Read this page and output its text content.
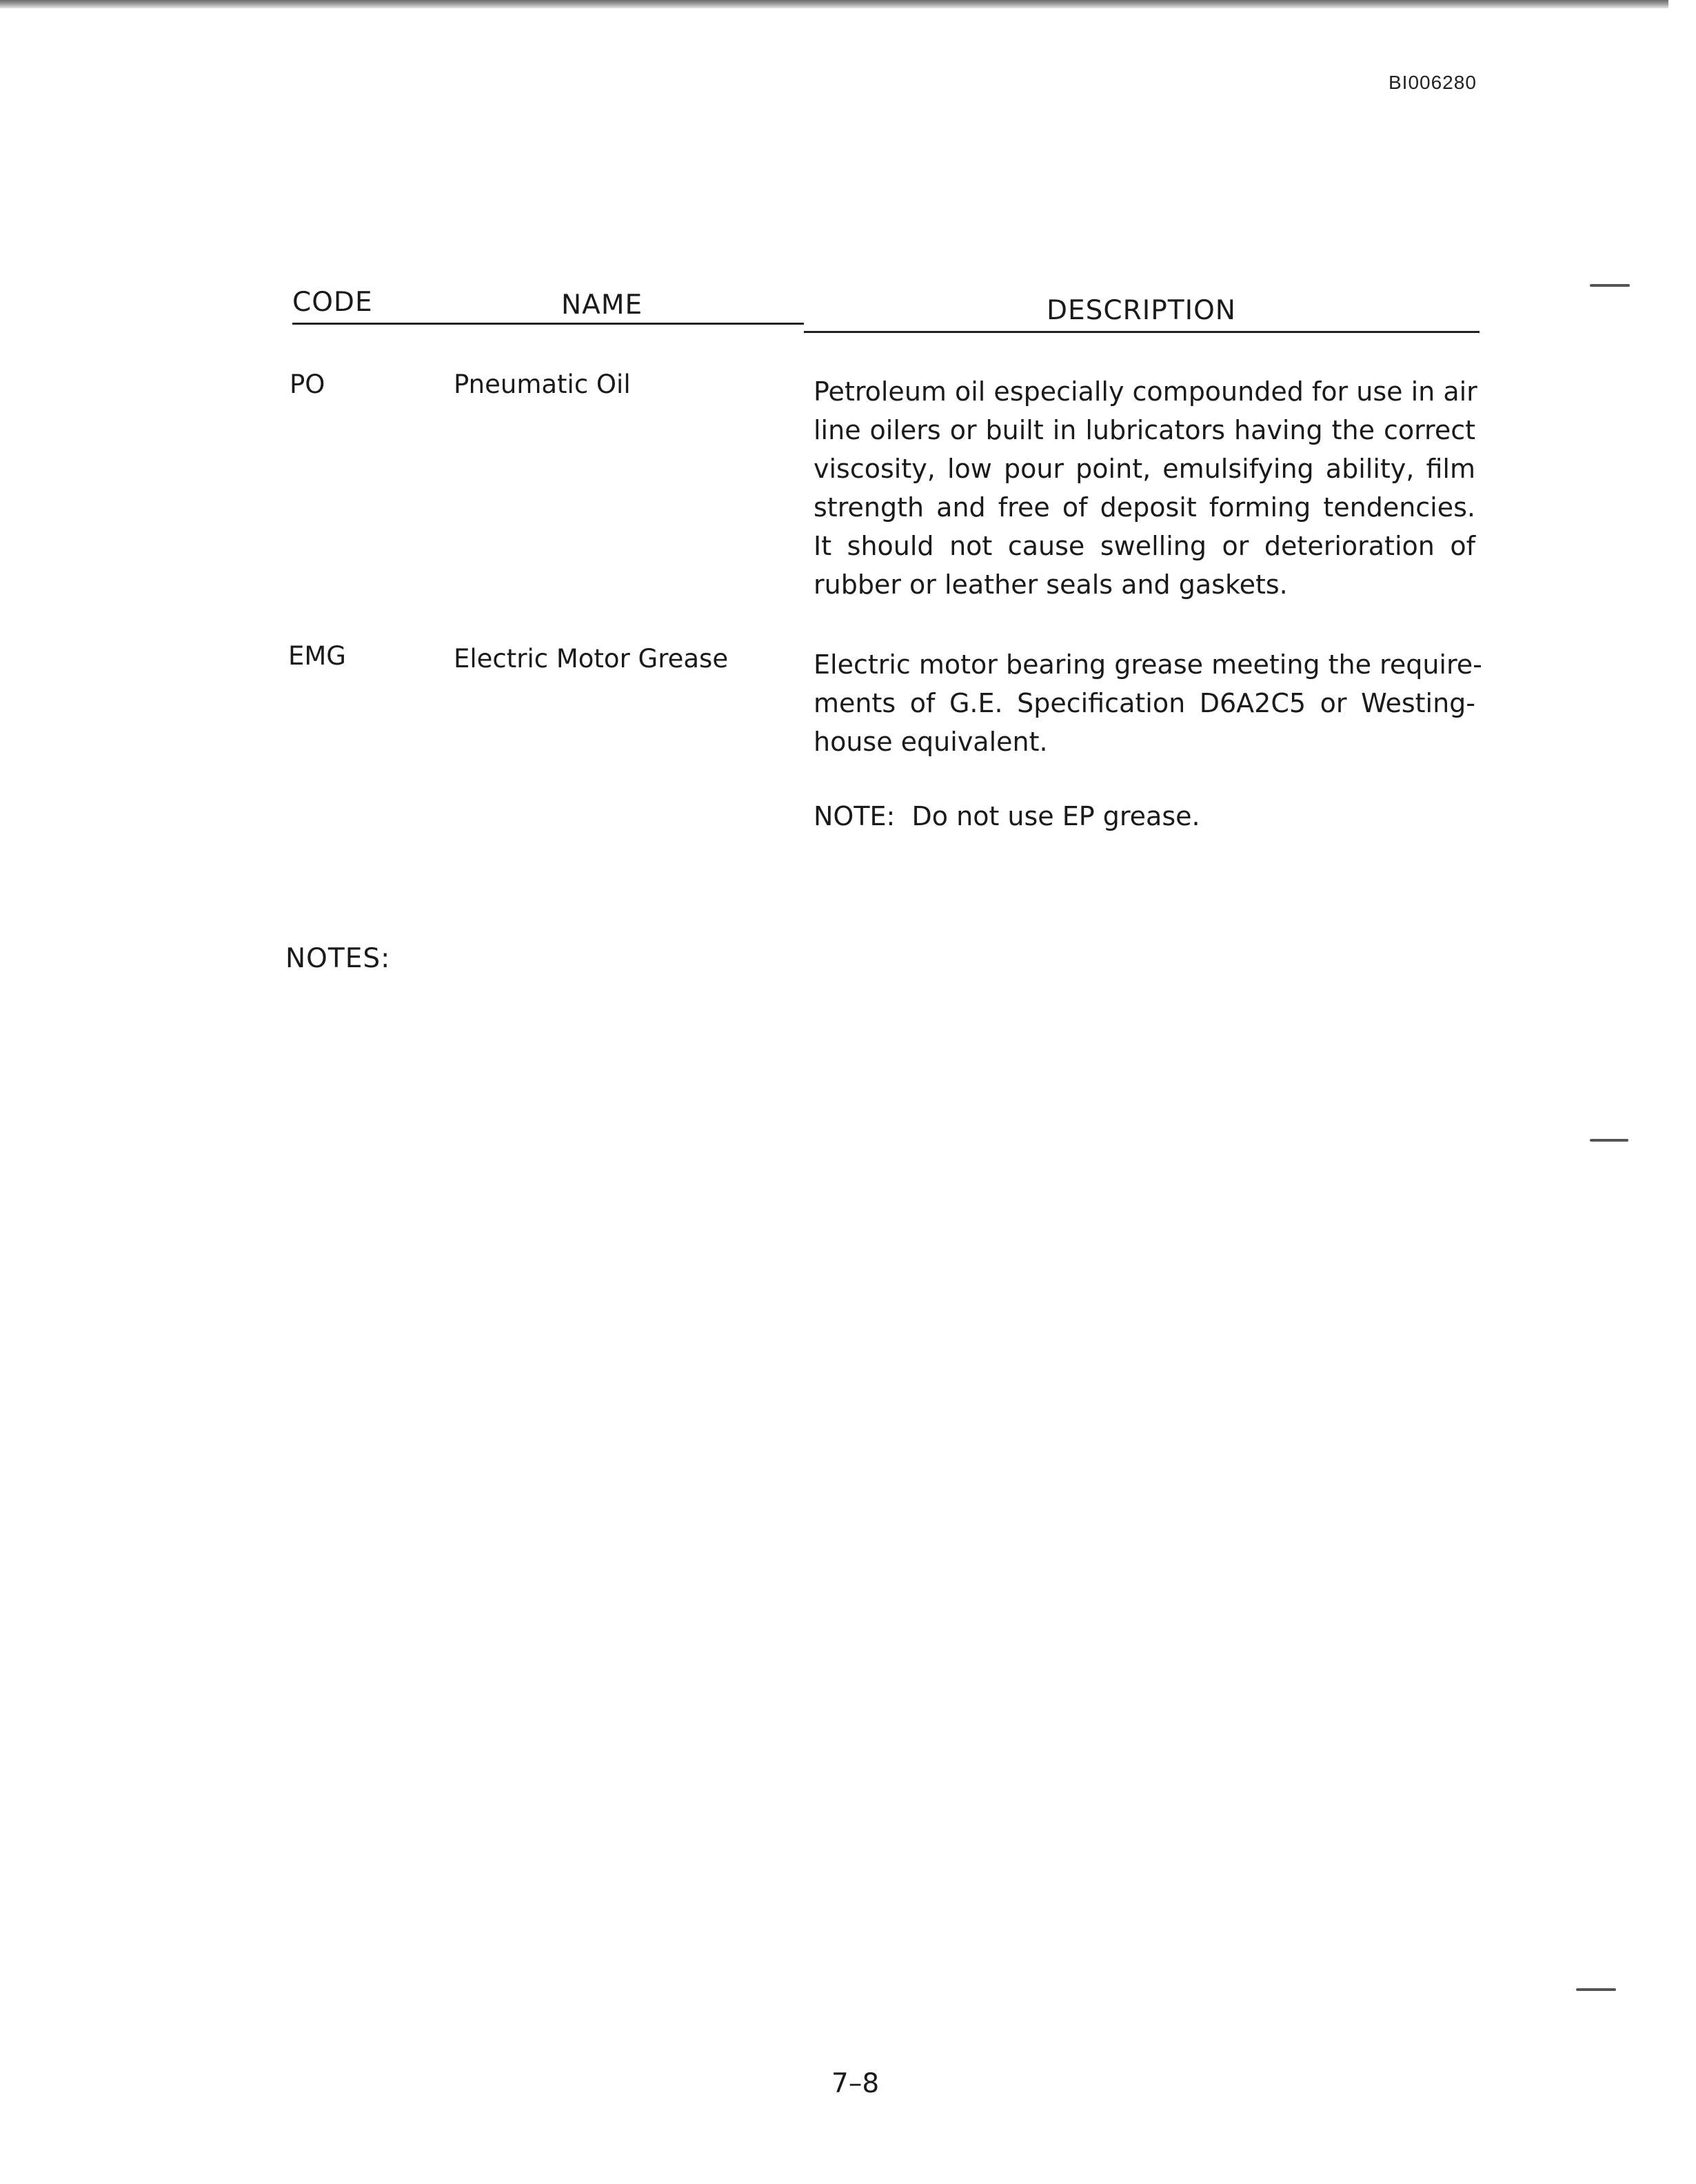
BI006280
CODE	NAME	DESCRIPTION
PO	Pneumatic Oil	Petroleum oil especially compounded for use in air
line oilers or built in lubricators having the correct
viscosity, low pour point, emulsifying ability, film
strength and free of deposit forming tendencies.
It should not cause swelling or deterioration of
rubber or leather seals and gaskets.
EMG	Electric Motor Grease	Electric motor bearing grease meeting the require-
ments of G.E. Specification D6A2C5 or Westing-
house equivalent.
NOTE:  Do not use EP grease.
NOTES:
7–8
